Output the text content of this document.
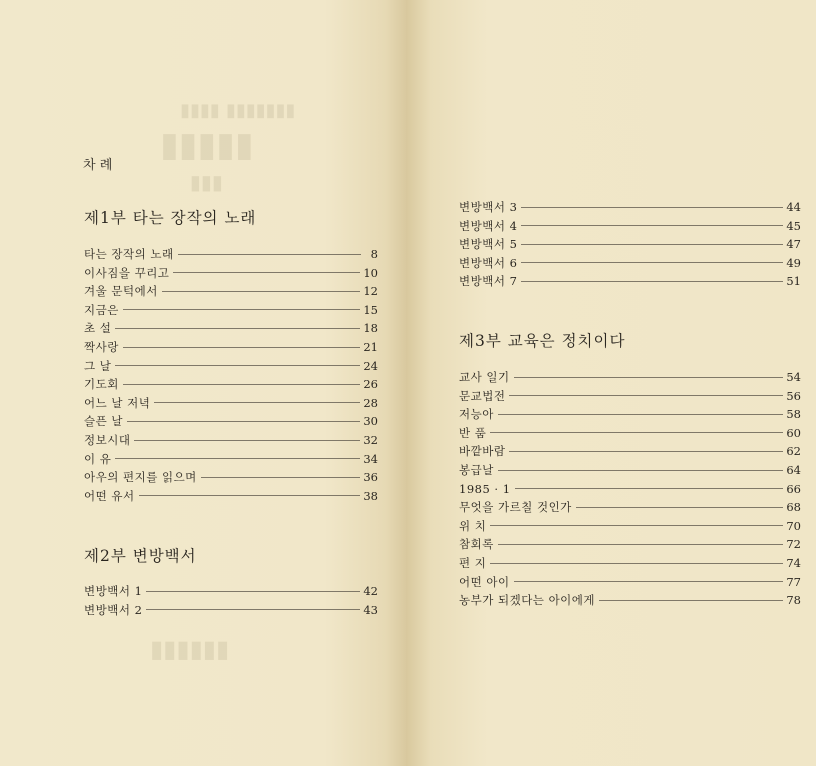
▮▮▮▮▮▮▮ ▮▮▮▮
▮▮▮▮▮
▮▮▮
▮▮▮▮▮▮
차 례
제1부 타는 장작의 노래
타는 장작의 노래	8
이사짐을 꾸리고	10
겨울 문턱에서	12
지금은	15
초 설	18
짝사랑	21
그 날	24
기도회	26
어느 날 저녁	28
슬픈 날	30
정보시대	32
이 유	34
아우의 편지를 읽으며	36
어떤 유서	38
제2부 변방백서
변방백서 1	42
변방백서 2	43
변방백서 3	44
변방백서 4	45
변방백서 5	47
변방백서 6	49
변방백서 7	51
제3부 교육은 정치이다
교사 일기	54
문교법전	56
저능아	58
반 품	60
바깥바람	62
봉급날	64
1985 · 1	66
무엇을 가르칠 것인가	68
위 치	70
참회록	72
편 지	74
어떤 아이	77
농부가 되겠다는 아이에게	78
